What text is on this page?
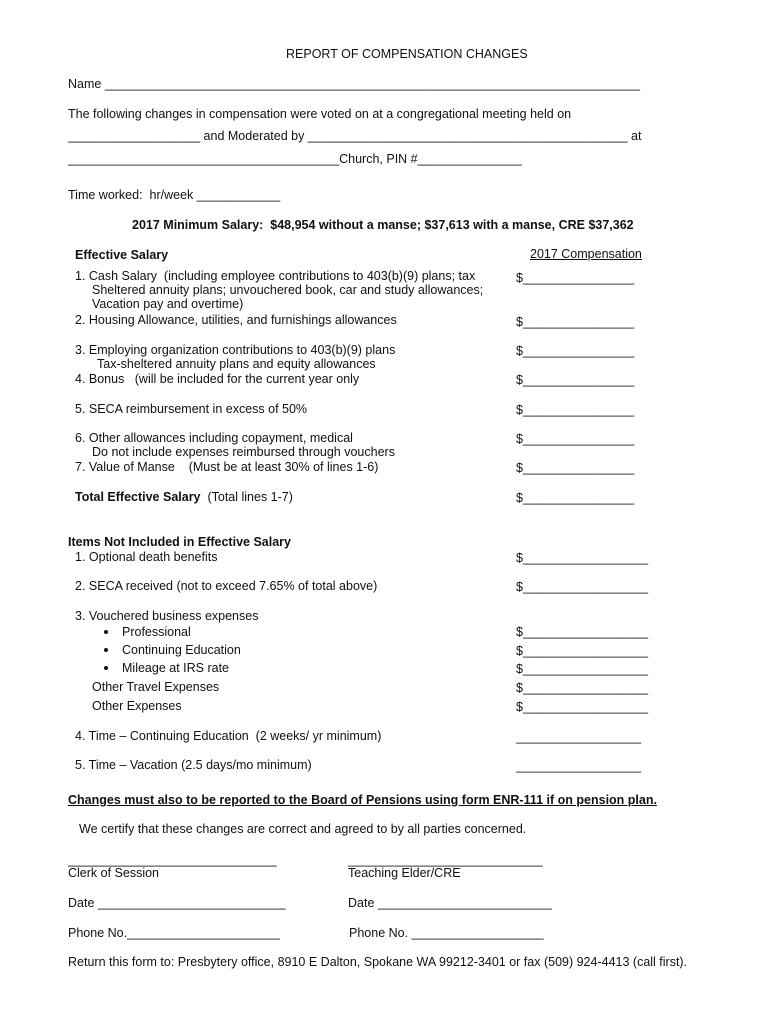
REPORT OF COMPENSATION CHANGES
Name _____________________________________________________________________________
The following changes in compensation were voted on at a congregational meeting held on
___________________ and Moderated by ______________________________________________ at
_______________________________________Church, PIN #_______________
Time worked:  hr/week ____________
2017 Minimum Salary:  $48,954 without a manse; $37,613 with a manse, CRE $37,362
Effective Salary	2017 Compensation
1. Cash Salary  (including employee contributions to 403(b)(9) plans; tax
Sheltered annuity plans; unvouchered book, car and study allowances;
Vacation pay and overtime)
$________________
2. Housing Allowance, utilities, and furnishings allowances	$________________
3. Employing organization contributions to 403(b)(9) plans
Tax-sheltered annuity plans and equity allowances
$________________
4. Bonus   (will be included for the current year only	$________________
5. SECA reimbursement in excess of 50%	$________________
6. Other allowances including copayment, medical
Do not include expenses reimbursed through vouchers
$________________
7. Value of Manse    (Must be at least 30% of lines 1-6)	$________________
Total Effective Salary  (Total lines 1-7)	$________________
Items Not Included in Effective Salary
1. Optional death benefits	$__________________
2. SECA received (not to exceed 7.65% of total above)	$__________________
3. Vouchered business expenses
Professional	$__________________
Continuing Education	$__________________
Mileage at IRS rate	$__________________
Other Travel Expenses	$__________________
Other Expenses	$__________________
4. Time – Continuing Education  (2 weeks/ yr minimum)	__________________
5. Time – Vacation (2.5 days/mo minimum)	__________________
Changes must also to be reported to the Board of Pensions using form ENR-111 if on pension plan.
We certify that these changes are correct and agreed to by all parties concerned.
______________________________	____________________________
Clerk of Session	Teaching Elder/CRE
Date ___________________________	Date _________________________
Phone No.______________________	Phone No. ___________________
Return this form to: Presbytery office, 8910 E Dalton, Spokane WA 99212-3401 or fax (509) 924-4413 (call first).
